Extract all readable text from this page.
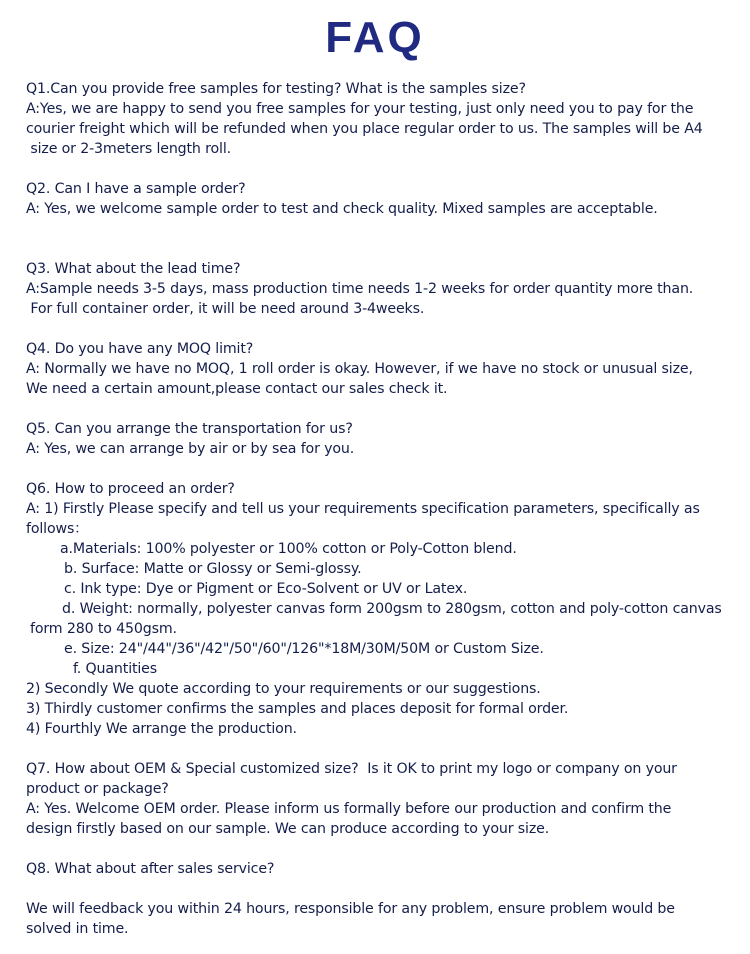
FAQ
Q1.Can you provide free samples for testing? What is the samples size?
A:Yes, we are happy to send you free samples for your testing, just only need you to pay for the
courier freight which will be refunded when you place regular order to us. The samples will be A4
size or 2-3meters length roll.
Q2. Can I have a sample order?
A: Yes, we welcome sample order to test and check quality. Mixed samples are acceptable.
Q3. What about the lead time?
A:Sample needs 3-5 days, mass production time needs 1-2 weeks for order quantity more than.
For full container order, it will be need around 3-4weeks.
Q4. Do you have any MOQ limit?
A: Normally we have no MOQ, 1 roll order is okay. However, if we have no stock or unusual size,
We need a certain amount,please contact our sales check it.
Q5. Can you arrange the transportation for us?
A: Yes, we can arrange by air or by sea for you.
Q6. How to proceed an order?
A: 1) Firstly Please specify and tell us your requirements specification parameters, specifically as
follows：
a.Materials: 100% polyester or 100% cotton or Poly-Cotton blend.
b. Surface: Matte or Glossy or Semi-glossy.
c. Ink type: Dye or Pigment or Eco-Solvent or UV or Latex.
d. Weight: normally, polyester canvas form 200gsm to 280gsm, cotton and poly-cotton canvas
form 280 to 450gsm.
e. Size: 24"/44"/36"/42"/50"/60"/126"*18M/30M/50M or Custom Size.
f. Quantities
2) Secondly We quote according to your requirements or our suggestions.
3) Thirdly customer confirms the samples and places deposit for formal order.
4) Fourthly We arrange the production.
Q7. How about OEM & Special customized size?  Is it OK to print my logo or company on your
product or package?
A: Yes. Welcome OEM order. Please inform us formally before our production and confirm the
design firstly based on our sample. We can produce according to your size.
Q8. What about after sales service?
We will feedback you within 24 hours, responsible for any problem, ensure problem would be
solved in time.
